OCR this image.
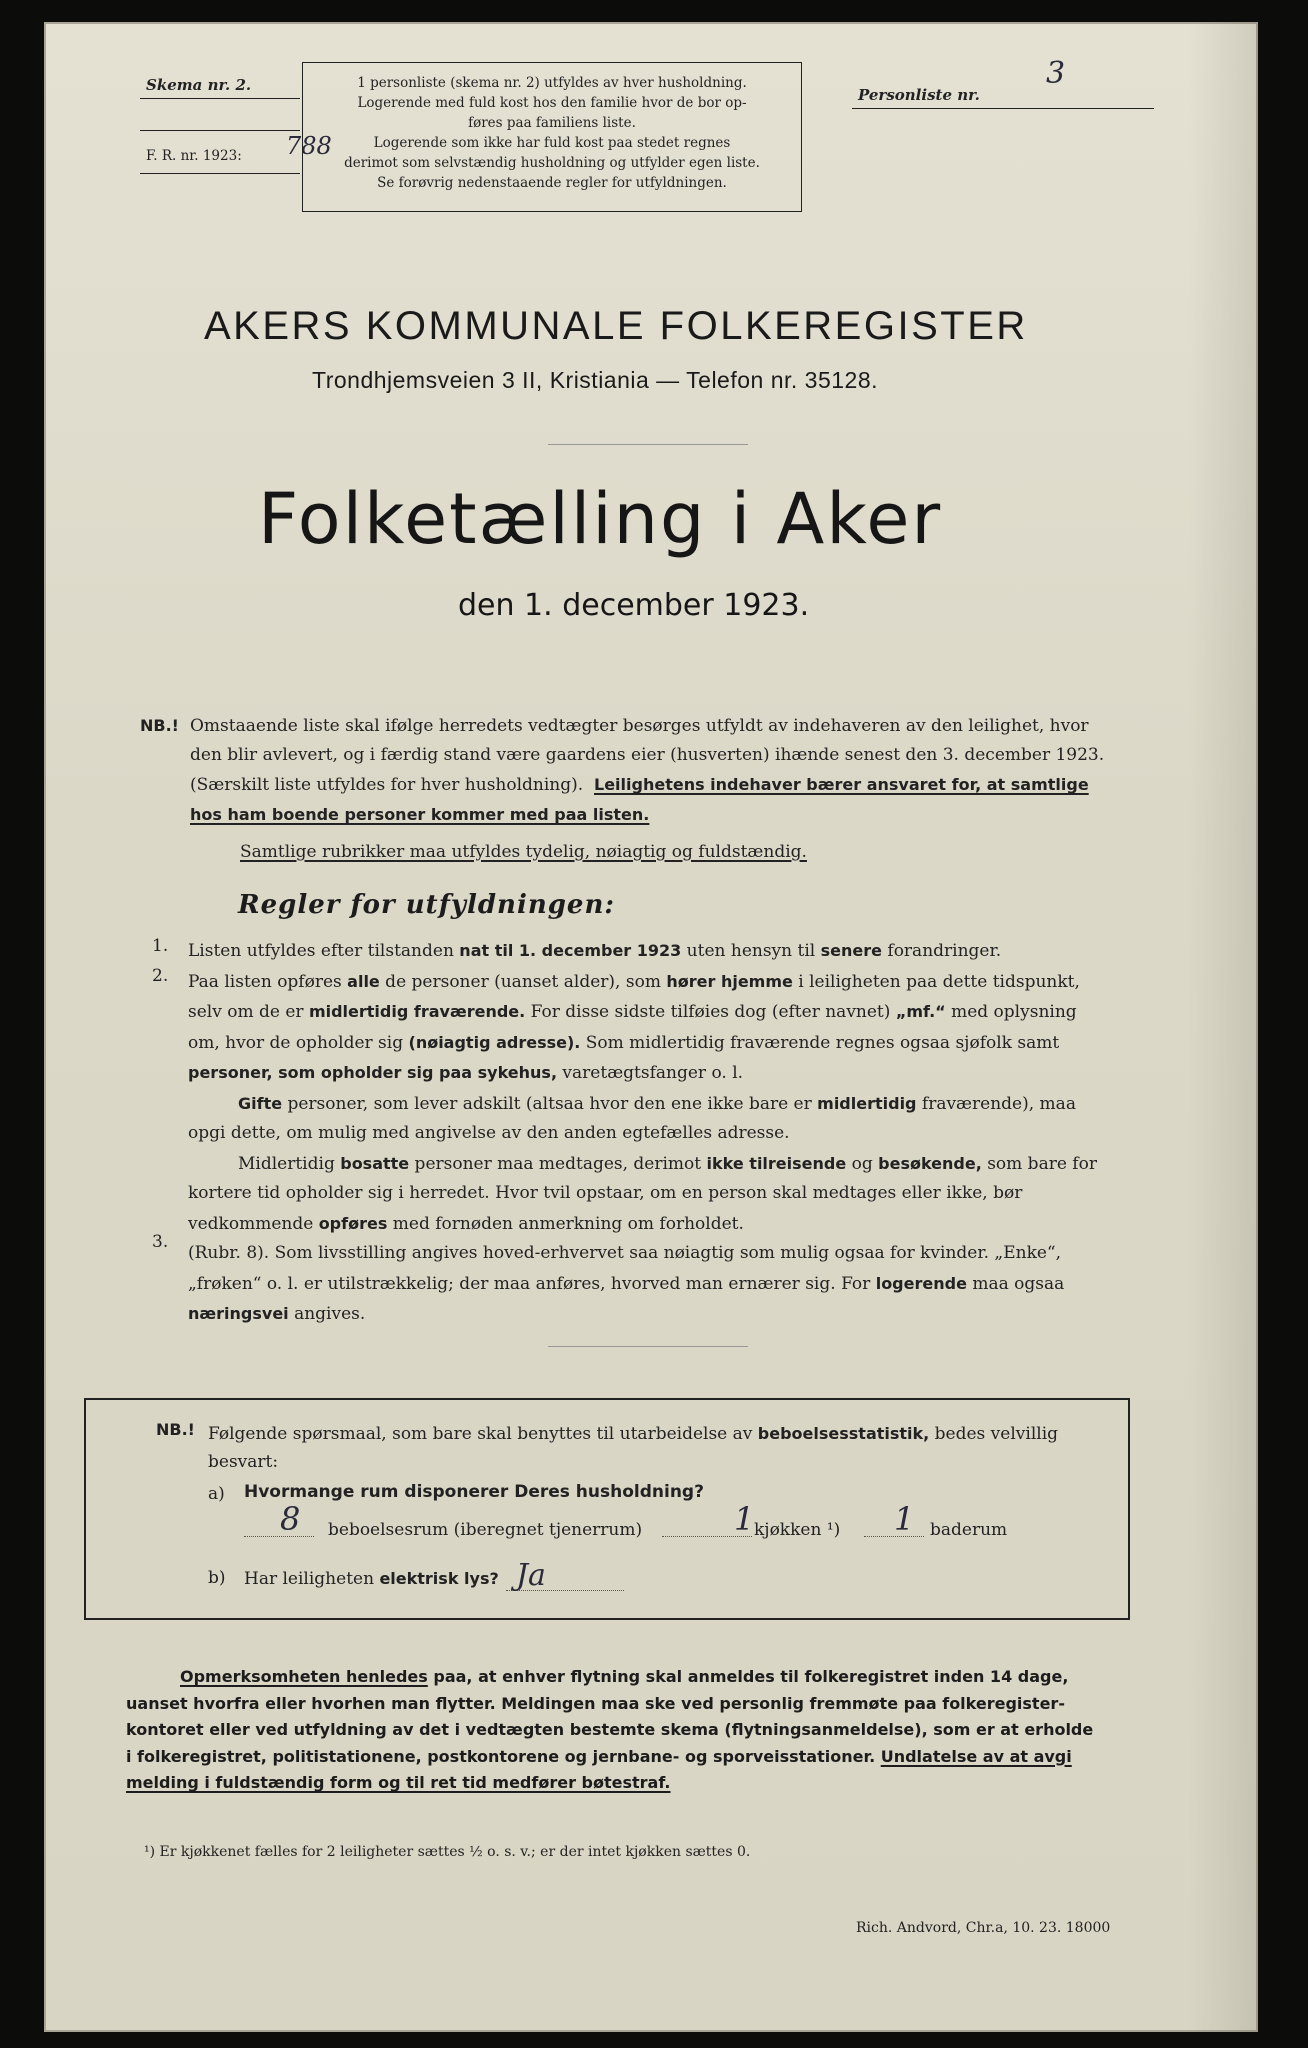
Skema nr. 2.
F. R. nr. 1923: 788

1 personliste (skema nr. 2) utfyldes av hver husholdning.

Logerende med fuld kost hos den familie hvor de bor op-

føres paa familiens liste.

Logerende som ikke har fuld kost paa stedet regnes

derimot som selvstændig husholdning og utfylder egen liste.

Se forøvrig nedenstaaende regler for utfyldningen.

Personliste nr.
3
AKERS KOMMUNALE FOLKEREGISTER
Trondhjemsveien 3 II, Kristiania — Telefon nr. 35128.
Folketælling i Aker
den 1. december 1923.
NB.! Omstaaende liste skal ifølge herredets vedtægter besørges utfyldt av indehaveren av den leilighet, hvor
den blir avlevert, og i færdig stand være gaardens eier (husverten) ihænde senest den 3. december 1923.
(Særskilt liste utfyldes for hver husholdning). Leilighetens indehaver bærer ansvaret for, at samtlige
hos ham boende personer kommer med paa listen.
Samtlige rubrikker maa utfyldes tydelig, nøiagtig og fuldstændig.
Regler for utfyldningen:
1.
2.
3.
Listen utfyldes efter tilstanden nat til 1. december 1923 uten hensyn til senere forandringer.
Paa listen opføres alle de personer (uanset alder), som hører hjemme i leiligheten paa dette tidspunkt,
selv om de er midlertidig fraværende. For disse sidste tilføies dog (efter navnet) „mf.“ med oplysning
om, hvor de opholder sig (nøiagtig adresse). Som midlertidig fraværende regnes ogsaa sjøfolk samt
personer, som opholder sig paa sykehus, varetægtsfanger o. l.
Gifte personer, som lever adskilt (altsaa hvor den ene ikke bare er midlertidig fraværende), maa
opgi dette, om mulig med angivelse av den anden egtefælles adresse.
Midlertidig bosatte personer maa medtages, derimot ikke tilreisende og besøkende, som bare for
kortere tid opholder sig i herredet. Hvor tvil opstaar, om en person skal medtages eller ikke, bør
vedkommende opføres med fornøden anmerkning om forholdet.
(Rubr. 8). Som livsstilling angives hoved-erhvervet saa nøiagtig som mulig ogsaa for kvinder. „Enke“,
„frøken“ o. l. er utilstrækkelig; der maa anføres, hvorved man ernærer sig. For logerende maa ogsaa
næringsvei angives.
NB.! Følgende spørsmaal, som bare skal benyttes til utarbeidelse av beboelsesstatistik, bedes velvillig
besvart:
a) Hvormange rum disponerer Deres husholdning?
8 beboelsesrum (iberegnet tjenerrum)	1 kjøkken ¹) 1 baderum
b) Har leiligheten elektrisk lys? Ja
Opmerksomheten henledes paa, at enhver flytning skal anmeldes til folkeregistret inden 14 dage,
uanset hvorfra eller hvorhen man flytter. Meldingen maa ske ved personlig fremmøte paa folkeregister-
kontoret eller ved utfyldning av det i vedtægten bestemte skema (flytningsanmeldelse), som er at erholde
i folkeregistret, politistationene, postkontorene og jernbane- og sporveisstationer. Undlatelse av at avgi
melding i fuldstændig form og til ret tid medfører bøtestraf.
¹) Er kjøkkenet fælles for 2 leiligheter sættes ½ o. s. v.; er der intet kjøkken sættes 0.
Rich. Andvord, Chr.a, 10. 23. 18000
